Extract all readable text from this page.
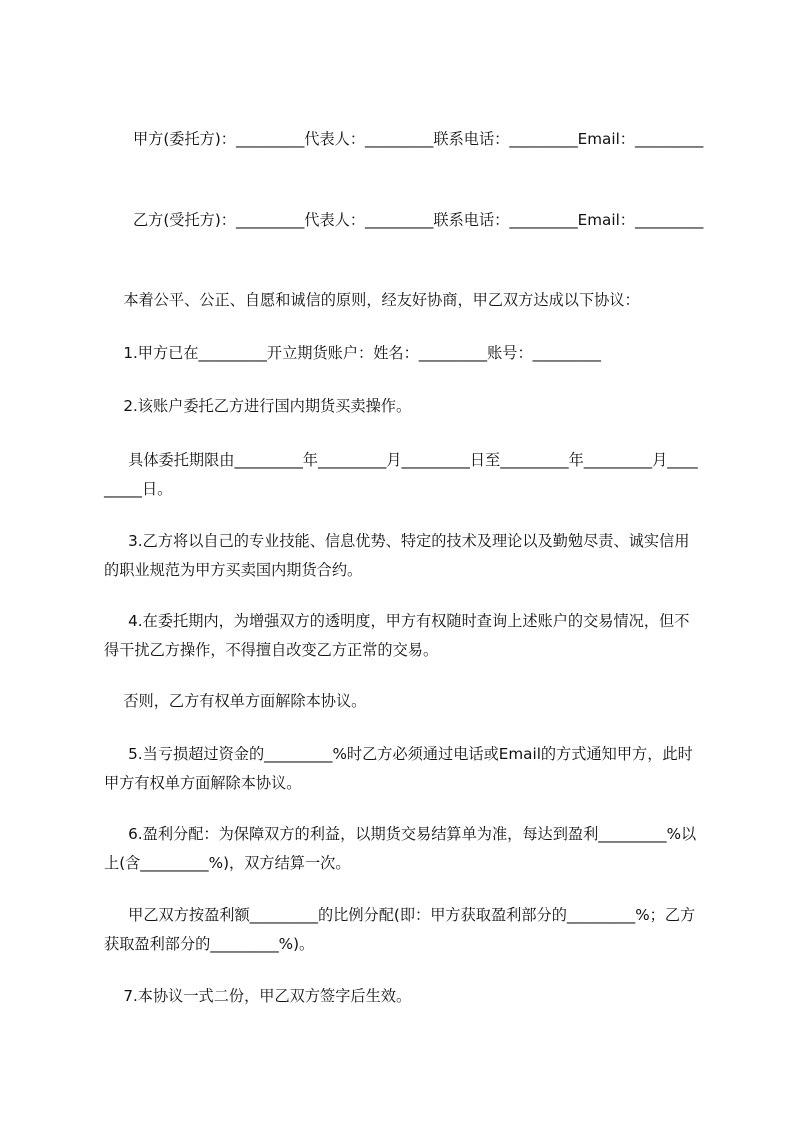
甲方(委托方)：_________代表人：_________联系电话：_________Email：_________

乙方(受托方)：_________代表人：_________联系电话：_________Email：_________

本着公平、公正、自愿和诚信的原则，经友好协商，甲乙双方达成以下协议：

1.甲方已在_________开立期货账户：姓名：_________账号：_________

2.该账户委托乙方进行国内期货买卖操作。

具体委托期限由_________年_________月_________日至_________年_________月_________日。

3.乙方将以自己的专业技能、信息优势、特定的技术及理论以及勤勉尽责、诚实信用的职业规范为甲方买卖国内期货合约。

4.在委托期内，为增强双方的透明度，甲方有权随时查询上述账户的交易情况，但不得干扰乙方操作，不得擅自改变乙方正常的交易。

否则，乙方有权单方面解除本协议。

5.当亏损超过资金的_________%时乙方必须通过电话或Email的方式通知甲方，此时甲方有权单方面解除本协议。

6.盈利分配：为保障双方的利益，以期货交易结算单为准，每达到盈利_________%以上(含_________%)，双方结算一次。

甲乙双方按盈利额_________的比例分配(即：甲方获取盈利部分的_________%；乙方获取盈利部分的_________%)。

7.本协议一式二份，甲乙双方签字后生效。
